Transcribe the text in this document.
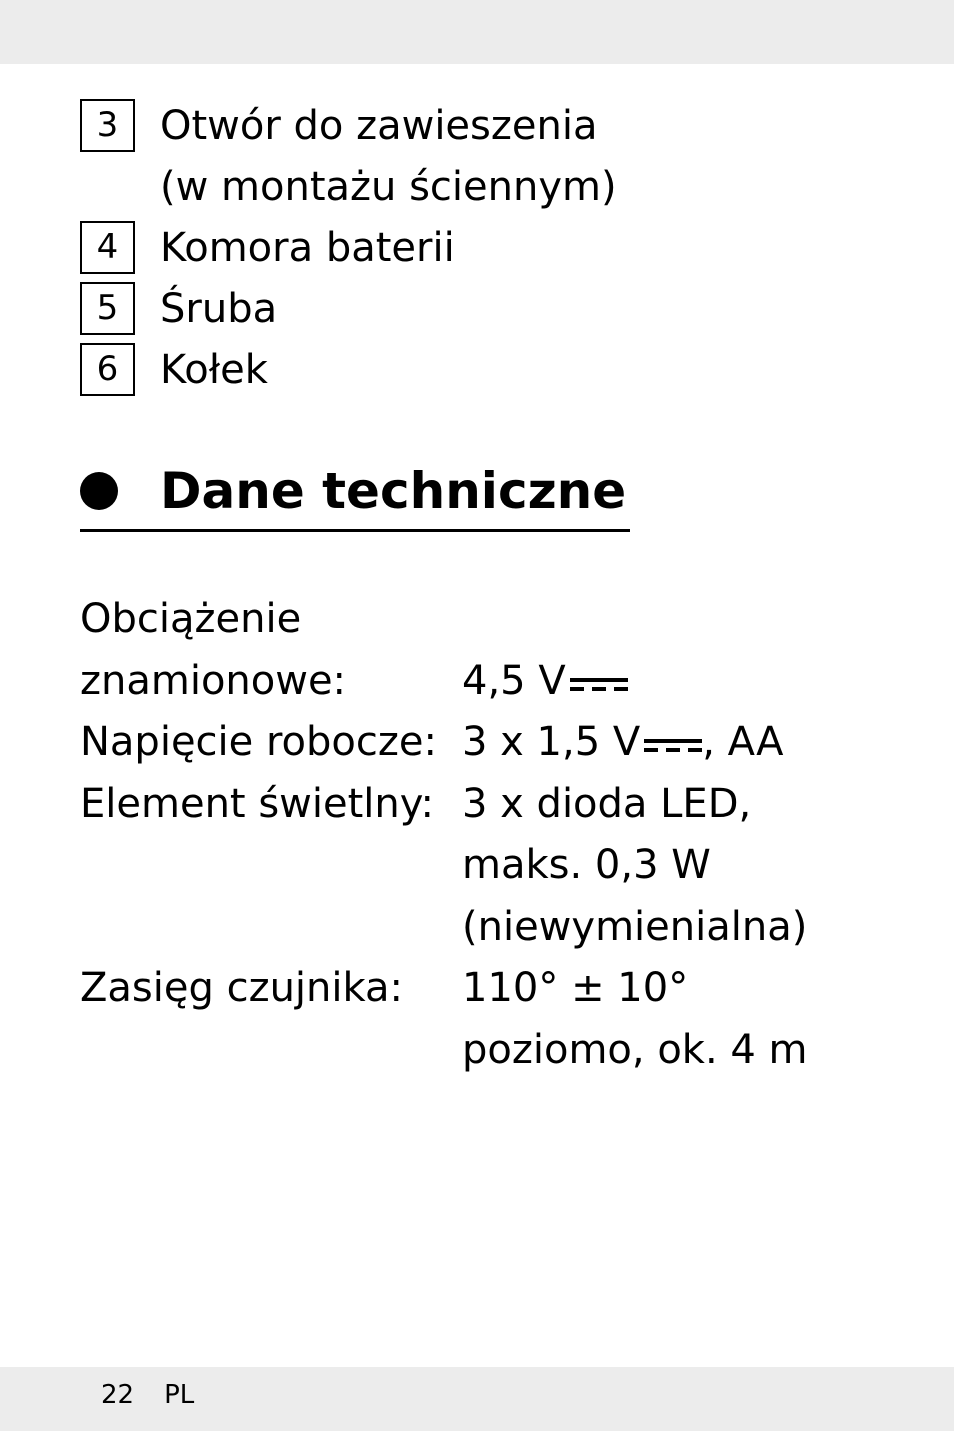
3	Otwór do zawieszenia
(w montażu ściennym)
4	Komora baterii
5	Śruba
6	Kołek
Dane techniczne
Obciążenie
znamionowe:	4,5 V
Napięcie robocze: 3 x 1,5 V , AA
Element świetlny: 3 x dioda LED,
maks. 0,3 W
(niewymienialna)
Zasięg czujnika:	110° ± 10°
poziomo, ok. 4 m
22 PL
